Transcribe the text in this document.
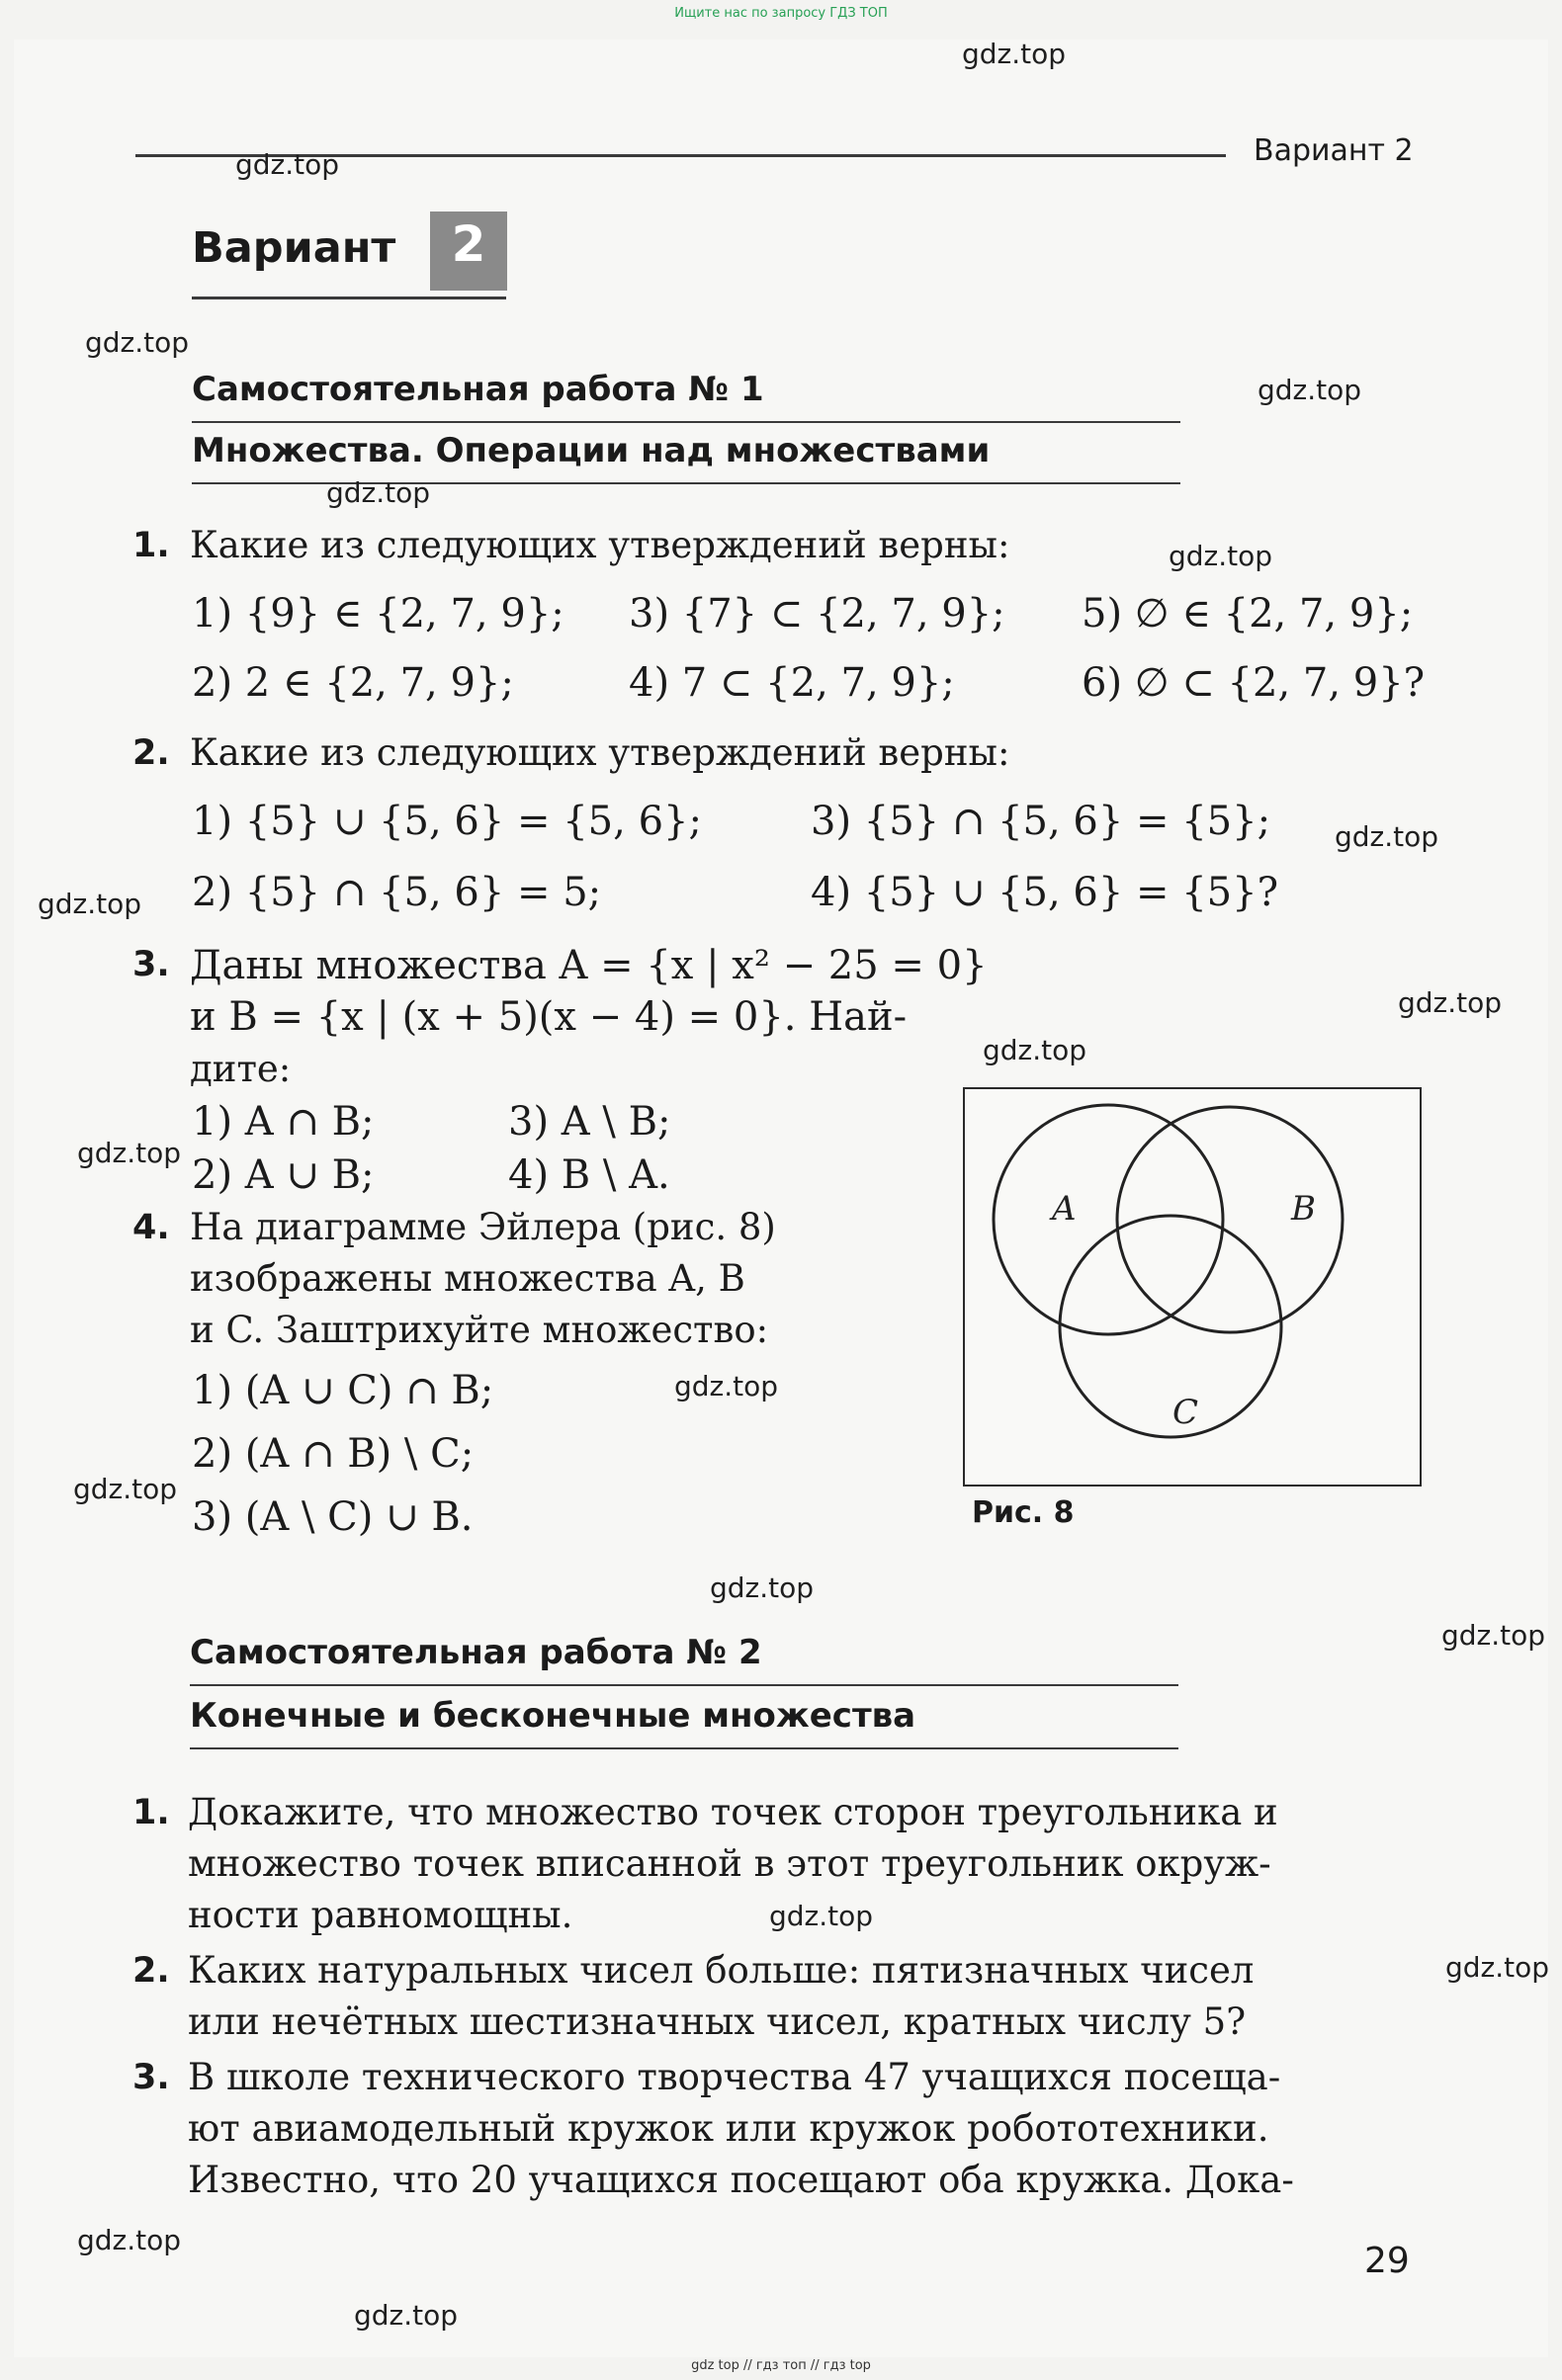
Ищите нас по запросу ГДЗ ТОП
Вариант 2
Вариант	2
Самостоятельная работа № 1
Множества. Операции над множествами
1. Какие из следующих утверждений верны:
1) {9} ∈ {2, 7, 9}; 3) {7} ⊂ {2, 7, 9}; 5) ∅ ∈ {2, 7, 9};
2) 2 ∈ {2, 7, 9};	4) 7 ⊂ {2, 7, 9};	6) ∅ ⊂ {2, 7, 9}?
2. Какие из следующих утверждений верны:
1) {5} ∪ {5, 6} = {5, 6};	3) {5} ∩ {5, 6} = {5};
2) {5} ∩ {5, 6} = 5;	4) {5} ∪ {5, 6} = {5}?
3. Даны множества A = {x | x² − 25 = 0}
и B = {x | (x + 5)(x − 4) = 0}. Най-
дите:
1) A ∩ B;	3) A \ B;
2) A ∪ B;	4) B \ A.
4. На диаграмме Эйлера (рис. 8)
изображены множества A, B
и C. Заштрихуйте множество:
1) (A ∪ C) ∩ B;
2) (A ∩ B) \ C;
3) (A \ C) ∪ B.
A	B
C
Рис. 8
Самостоятельная работа № 2
Конечные и бесконечные множества
1. Докажите, что множество точек сторон треугольника и
множество точек вписанной в этот треугольник окруж-
ности равномощны.
2. Каких натуральных чисел больше: пятизначных чисел
или нечётных шестизначных чисел, кратных числу 5?
3. В школе технического творчества 47 учащихся посеща-
ют авиамодельный кружок или кружок робототехники.
Известно, что 20 учащихся посещают оба кружка. Дока-
29
gdz.top
gdz.top
gdz.top
gdz.top
gdz.top
gdz.top
gdz.top
gdz.top
gdz.top
gdz.top
gdz.top
gdz.top
gdz.top
gdz.top
gdz.top
gdz.top
gdz.top
gdz.top
gdz.top
gdz top // гдз топ // гдз top
